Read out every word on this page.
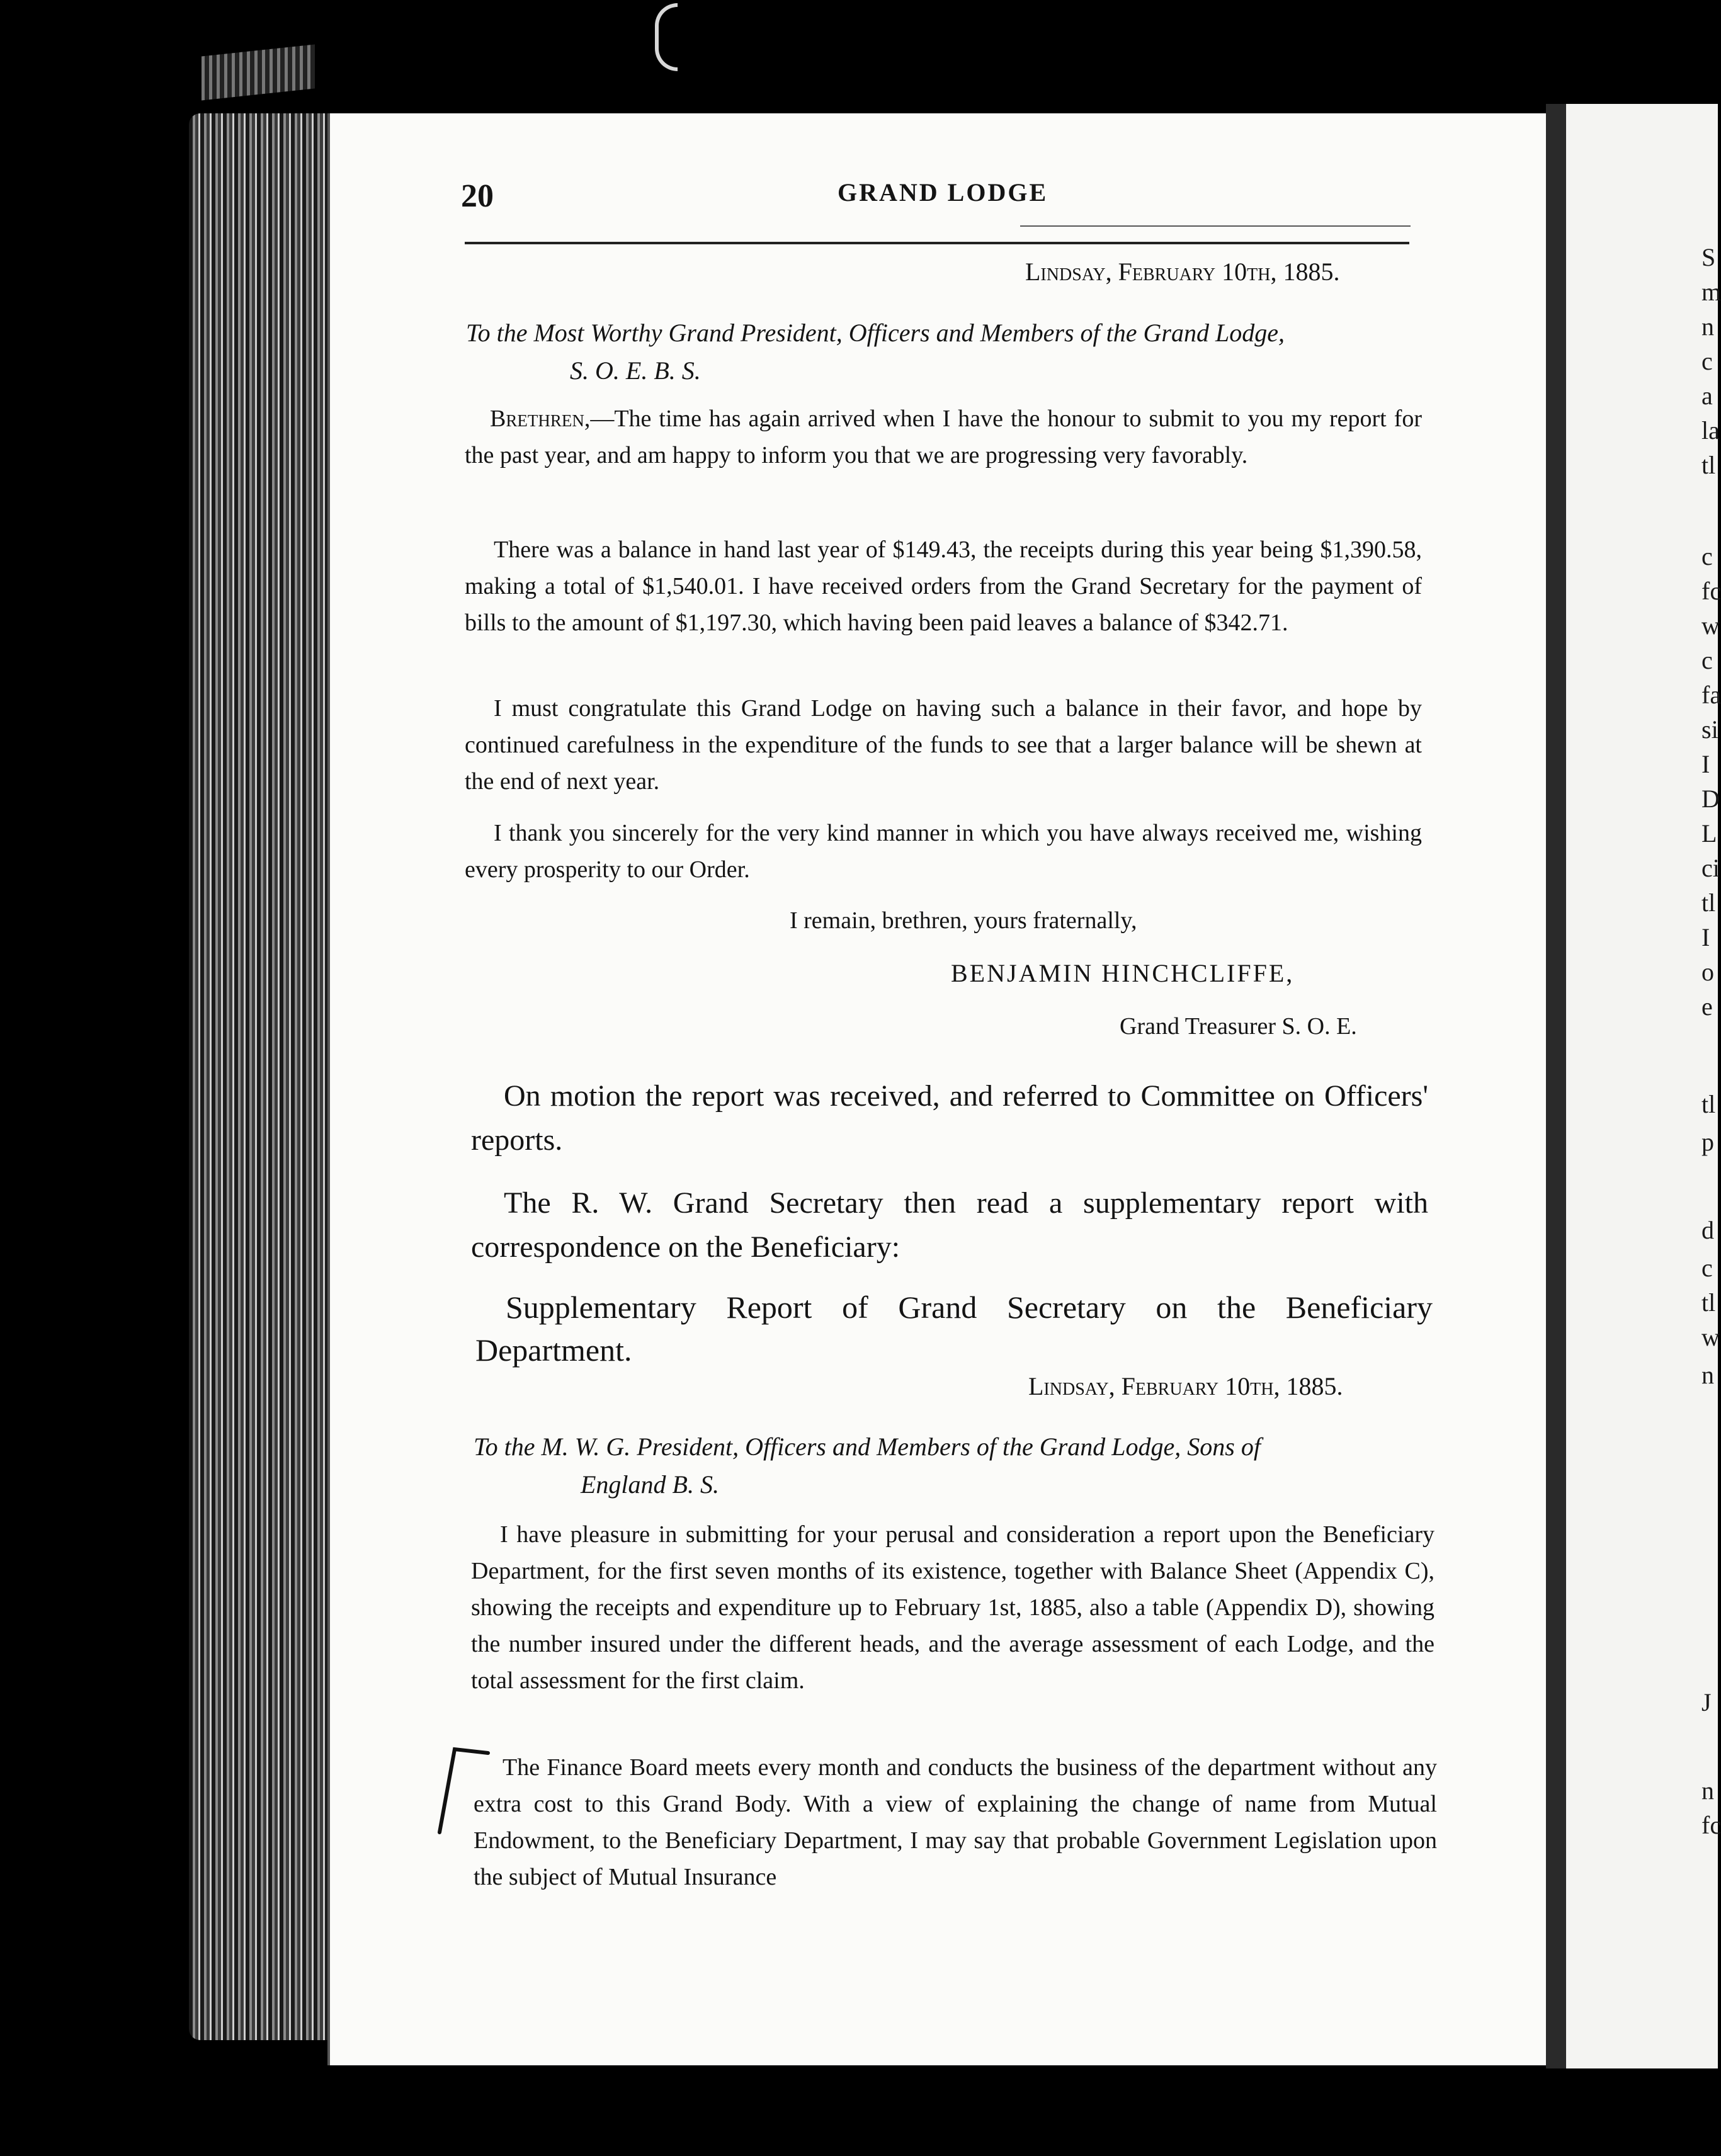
S
m
n
c
a
la
tl
c
fc
w
c
fa
si
I
D
L
ci
tl
I
o
e
tl
p
d
c
tl
w
n
J
n
fc
20	GRAND LODGE
Lindsay, February 10th, 1885.
To the Most Worthy Grand President, Officers and Members of the Grand Lodge,
S. O. E. B. S.
Brethren,—The time has again arrived when I have the honour to submit to you my report for the past year, and am happy to inform you that we are progressing very favorably.
There was a balance in hand last year of $149.43, the receipts during this year being $1,390.58, making a total of $1,540.01. I have received orders from the Grand Secretary for the payment of bills to the amount of $1,197.30, which having been paid leaves a balance of $342.71.
I must congratulate this Grand Lodge on having such a balance in their favor, and hope by continued carefulness in the expenditure of the funds to see that a larger balance will be shewn at the end of next year.
I thank you sincerely for the very kind manner in which you have always received me, wishing every prosperity to our Order.
I remain, brethren, yours fraternally,
BENJAMIN HINCHCLIFFE,
Grand Treasurer S. O. E.
On motion the report was received, and referred to Committee on Officers' reports.
The R. W. Grand Secretary then read a supplementary report with correspondence on the Beneficiary:
Supplementary Report of Grand Secretary on the Beneficiary Department.
Lindsay, February 10th, 1885.
To the M. W. G. President, Officers and Members of the Grand Lodge, Sons of
England B. S.
I have pleasure in submitting for your perusal and consideration a report upon the Beneficiary Department, for the first seven months of its existence, together with Balance Sheet (Appendix C), showing the receipts and expenditure up to February 1st, 1885, also a table (Appendix D), showing the number insured under the different heads, and the average assessment of each Lodge, and the total assessment for the first claim.
The Finance Board meets every month and conducts the business of the department without any extra cost to this Grand Body. With a view of explaining the change of name from Mutual Endowment, to the Beneficiary Department, I may say that probable Government Legislation upon the subject of Mutual Insurance
